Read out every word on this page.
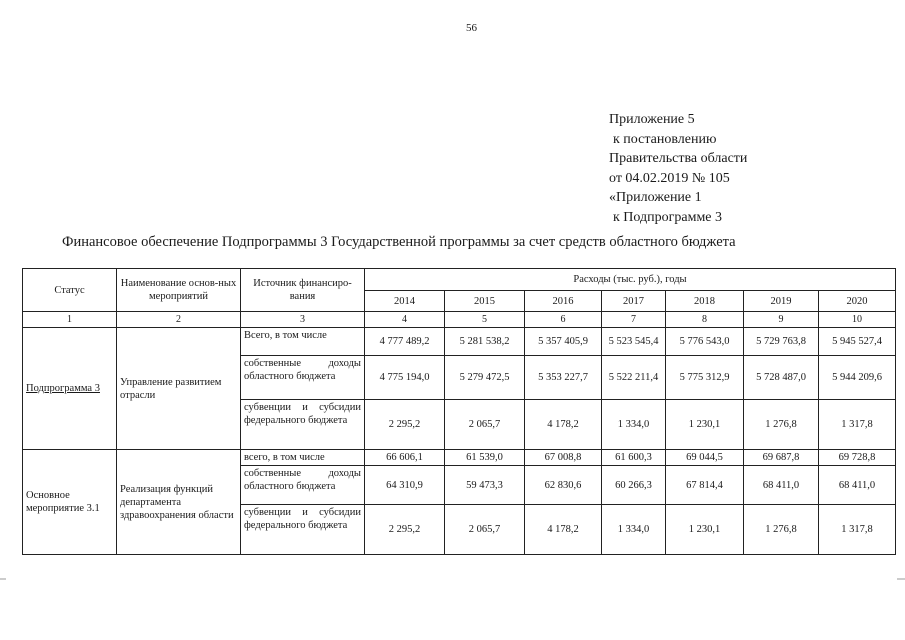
56
Приложение 5
к постановлению
Правительства области
от 04.02.2019 № 105
«Приложение 1
к Подпрограмме 3
Финансовое обеспечение Подпрограммы 3 Государственной программы за счет средств областного бюджета
Статус	Наименование основ-ных мероприятий	Источник финансиро-вания	Расходы (тыс. руб.), годы						
			2014	2015	2016	2017	2018	2019	2020
1	2	3	4	5	6	7	8	9	10
Подпрограмма 3	Управление развитием отрасли	Всего, в том числе	4 777 489,2	5 281 538,2	5 357 405,9	5 523 545,4	5 776 543,0	5 729 763,8	5 945 527,4
		собственные доходы областного бюджета	4 775 194,0	5 279 472,5	5 353 227,7	5 522 211,4	5 775 312,9	5 728 487,0	5 944 209,6
		субвенции и субсидии федерального бюджета	2 295,2	2 065,7	4 178,2	1 334,0	1 230,1	1 276,8	1 317,8
Основное мероприятие 3.1	Реализация функций департамента здравоохранения области	всего, в том числе	66 606,1	61 539,0	67 008,8	61 600,3	69 044,5	69 687,8	69 728,8
		собственные доходы областного бюджета	64 310,9	59 473,3	62 830,6	60 266,3	67 814,4	68 411,0	68 411,0
		субвенции и субсидии федерального бюджета	2 295,2	2 065,7	4 178,2	1 334,0	1 230,1	1 276,8	1 317,8
